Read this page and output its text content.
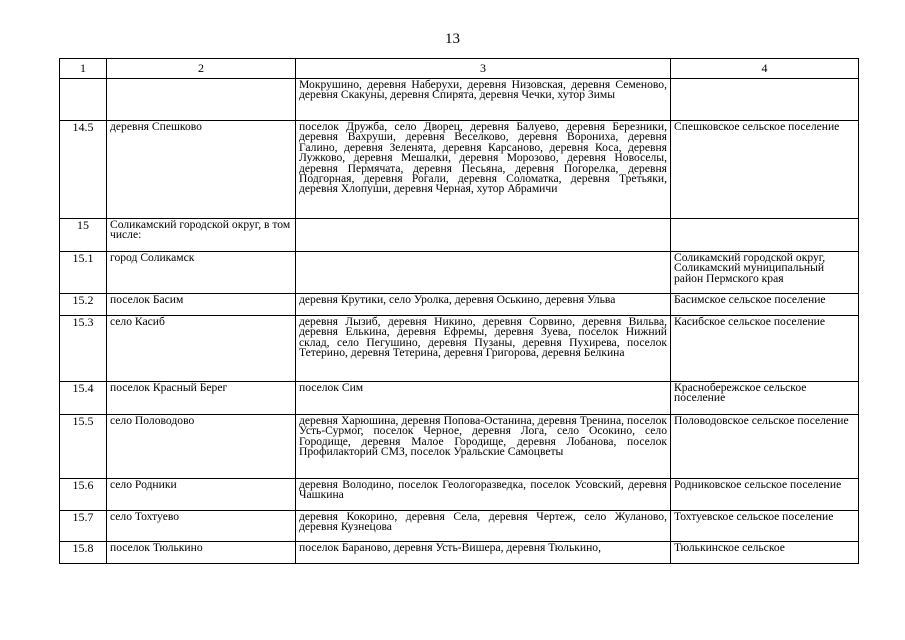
13
1	2	3	4
		Мокрушино, деревня Наберухи, деревня Низовская, деревня Семеново, деревня Скакуны, деревня Спирята, деревня Чечки, хутор Зимы	
14.5	деревня Спешково	поселок Дружба, село Дворец, деревня Балуево, деревня Березники, деревня Вахруши, деревня Веселково, деревня Ворониха, деревня Галино, деревня Зеленята, деревня Карсаново, деревня Коса, деревня Лужково, деревня Мешалки, деревня Морозово, деревня Новоселы, деревня Пермячата, деревня Песьяна, деревня Погорелка, деревня Подгорная, деревня Рогали, деревня Соломатка, деревня Третьяки, деревня Хлопуши, деревня Черная, хутор Абрамичи	Спешковское сельское поселение
15	Соликамский городской округ, в том числе:		
15.1	город Соликамск		Соликамский городской округ, Соликамский муниципальный район Пермского края
15.2	поселок Басим	деревня Крутики, село Уролка, деревня Оськино, деревня Ульва	Басимское сельское поселение
15.3	село Касиб	деревня Лызиб, деревня Никино, деревня Сорвино, деревня Вильва, деревня Елькина, деревня Ефремы, деревня Зуева, поселок Нижний склад, село Пегушино, деревня Пузаны, деревня Пухирева, поселок Тетерино, деревня Тетерина, деревня Григорова, деревня Белкина	Касибское сельское поселение
15.4	поселок Красный Берег	поселок Сим	Краснобережское сельское поселение
15.5	село Половодово	деревня Харюшина, деревня Попова-Останина, деревня Тренина, поселок Усть-Сурмог, поселок Черное, деревня Лога, село Осокино, село Городище, деревня Малое Городище, деревня Лобанова, поселок Профилакторий СМЗ, поселок Уральские Самоцветы	Половодовское сельское поселение
15.6	село Родники	деревня Володино, поселок Геологоразведка, поселок Усовский, деревня Чашкина	Родниковское сельское поселение
15.7	село Тохтуево	деревня Кокорино, деревня Села, деревня Чертеж, село Жуланово, деревня Кузнецова	Тохтуевское сельское поселение
15.8	поселок Тюлькино	поселок Бараново, деревня Усть-Вишера, деревня Тюлькино,	Тюлькинское сельское
